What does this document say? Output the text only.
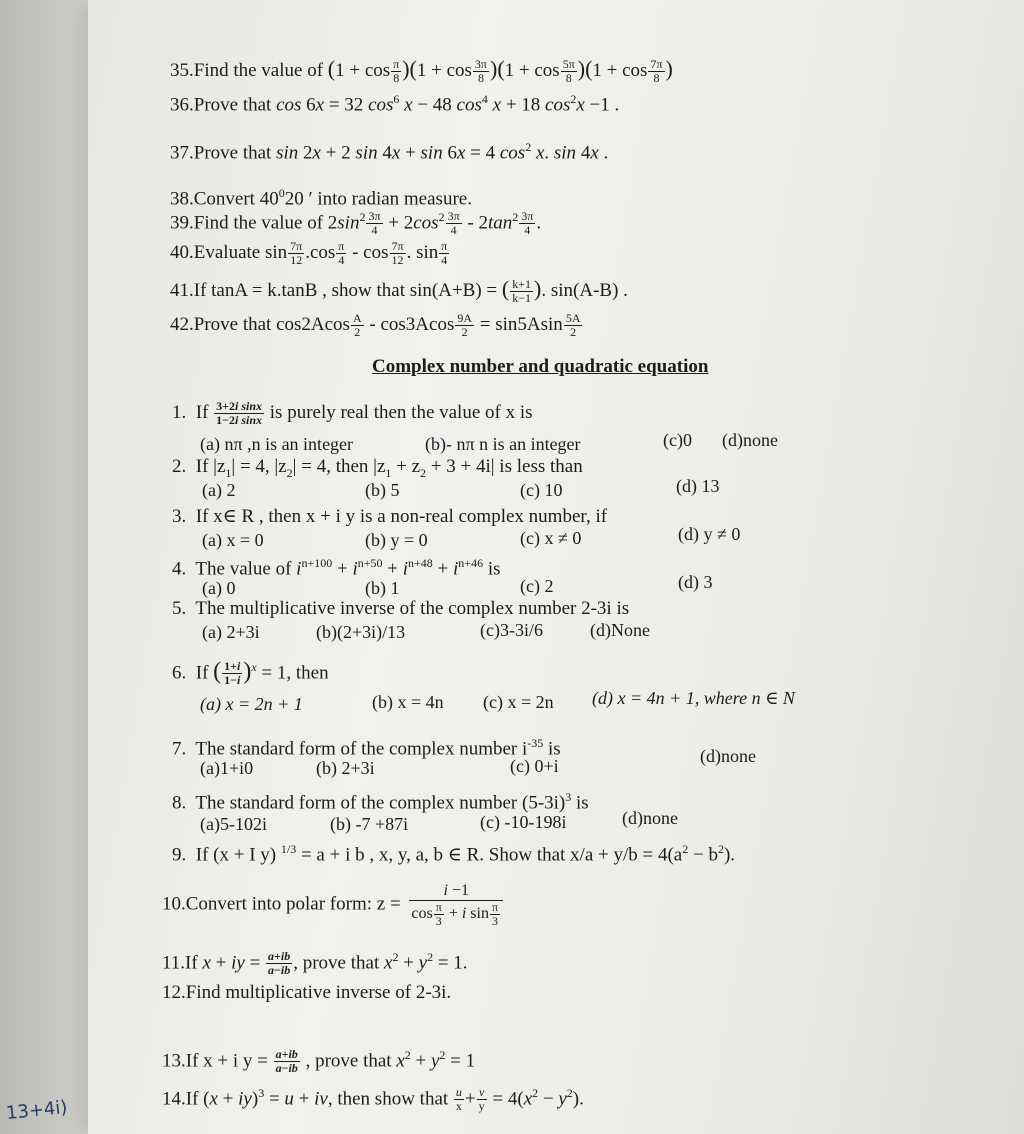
13+4i)
35.Find the value of $(1 + \cos \frac{\pi}{8} )(1 + \cos \frac{3\pi}{8} )(1 + \cos \frac{5\pi}{8} )(1 + \cos \frac{7\pi}{8}$ )
36.Prove that cos 6x = 32 $\cos^6 x - 48$ $\cos^4 x + 18$ $\cos^2x -1$ .
37.Prove that sin 2x + 2 sin 4x + sin 6x = 4 $\cos^2 x$. sin 4x .
38.Convert $40^020$ ′ into radian measure.
39.Find the value of $2\sin^2 \frac{3\pi}{4} + 2\cos^2 \frac{3\pi}{4} - 2\tan^2 \frac{3\pi}{4}$ .
40.Evaluate $\sin \frac{7\pi}{12} .\cos \frac{\pi}{4}$ - $\cos \frac{7\pi}{12}$ . $\sin \frac{\pi}{4}$
41.If tanA = k.tanB , show that sin(A+B) = ( $\frac{k+1}{k-1}$ ). sin(A-B) .
42.Prove that $\cos 2Acos \frac{A}{2} - \cos 3Acos \frac{9A}{2} = \sin 5Asin \frac{5A}{2}$
Complex number and quadratic equation
1.  If $\frac{\text{3+2i sinx}}{\text{1−2i sinx}}$ is purely real then the value of x is
(a) nπ ,n is an integer	(b)- nπ n is an integer	(c)0 (d)none
2.  If $|z_1| = 4$, $|z_2| = 4$, then $|z_1 + z_2 + 3 + 4i|$ is less than
(a) 2	(b) 5	(c) 10	(d) 13
3.  If x∈ R , then x + i y is a non-real complex number, if
(a) x = 0	(b) y = 0	(c) x ≠ 0	(d) y ≠ 0
4.  The value of $i^{n+100} + i^{n+50} + i^{n+48} + i^{n+46}$ is
(a) 0	(b) 1	(c) 2	(d) 3
5. The multiplicative inverse of the complex number 2-3i is
(a) 2+3i	(b)(2+3i)/13	(c)3-3i/6	(d)None
6.  If ( $\frac{1+i}{1-i} )^x = 1$, then
(a) x = 2n + 1	(b) x = 4n (c) x = 2n (d) x = 4n + 1, where n ∈ N
7.  The standard form of the complex number $i^{-35}$ is
(a)1+i0	(b) 2+3i	(c) 0+i	(d)none
8.  The standard form of the complex number $(5-3i)^3$ is
(a)5-102i	(b) -7 +87i	(c) -10-198i	(d)none
9.  If (x + I y) $^{1/3}$ = a + i b , x, y, a, b ∈ R. Show that $x/a + y/b = 4(a^2 - b^2)$.
10.Convert into polar form: $z = \frac{i -1}{\cos \frac{\pi}{3} + i \sin \frac{\pi}{3}}$
11.If x + iy = $\frac{a+ib}{a-ib}$ , prove that $x^2 + y^2 = 1$.
12.Find multiplicative inverse of 2-3i.
13.If x + i $y = \frac{a+ib}{a-ib}$ , prove that $x^2 + y^2 = 1$
14.If (x + iy)$^3$ = u + iv, then show that $\frac{u}{x} + \frac{v}{y} = 4(x^2 - y^2)$.
